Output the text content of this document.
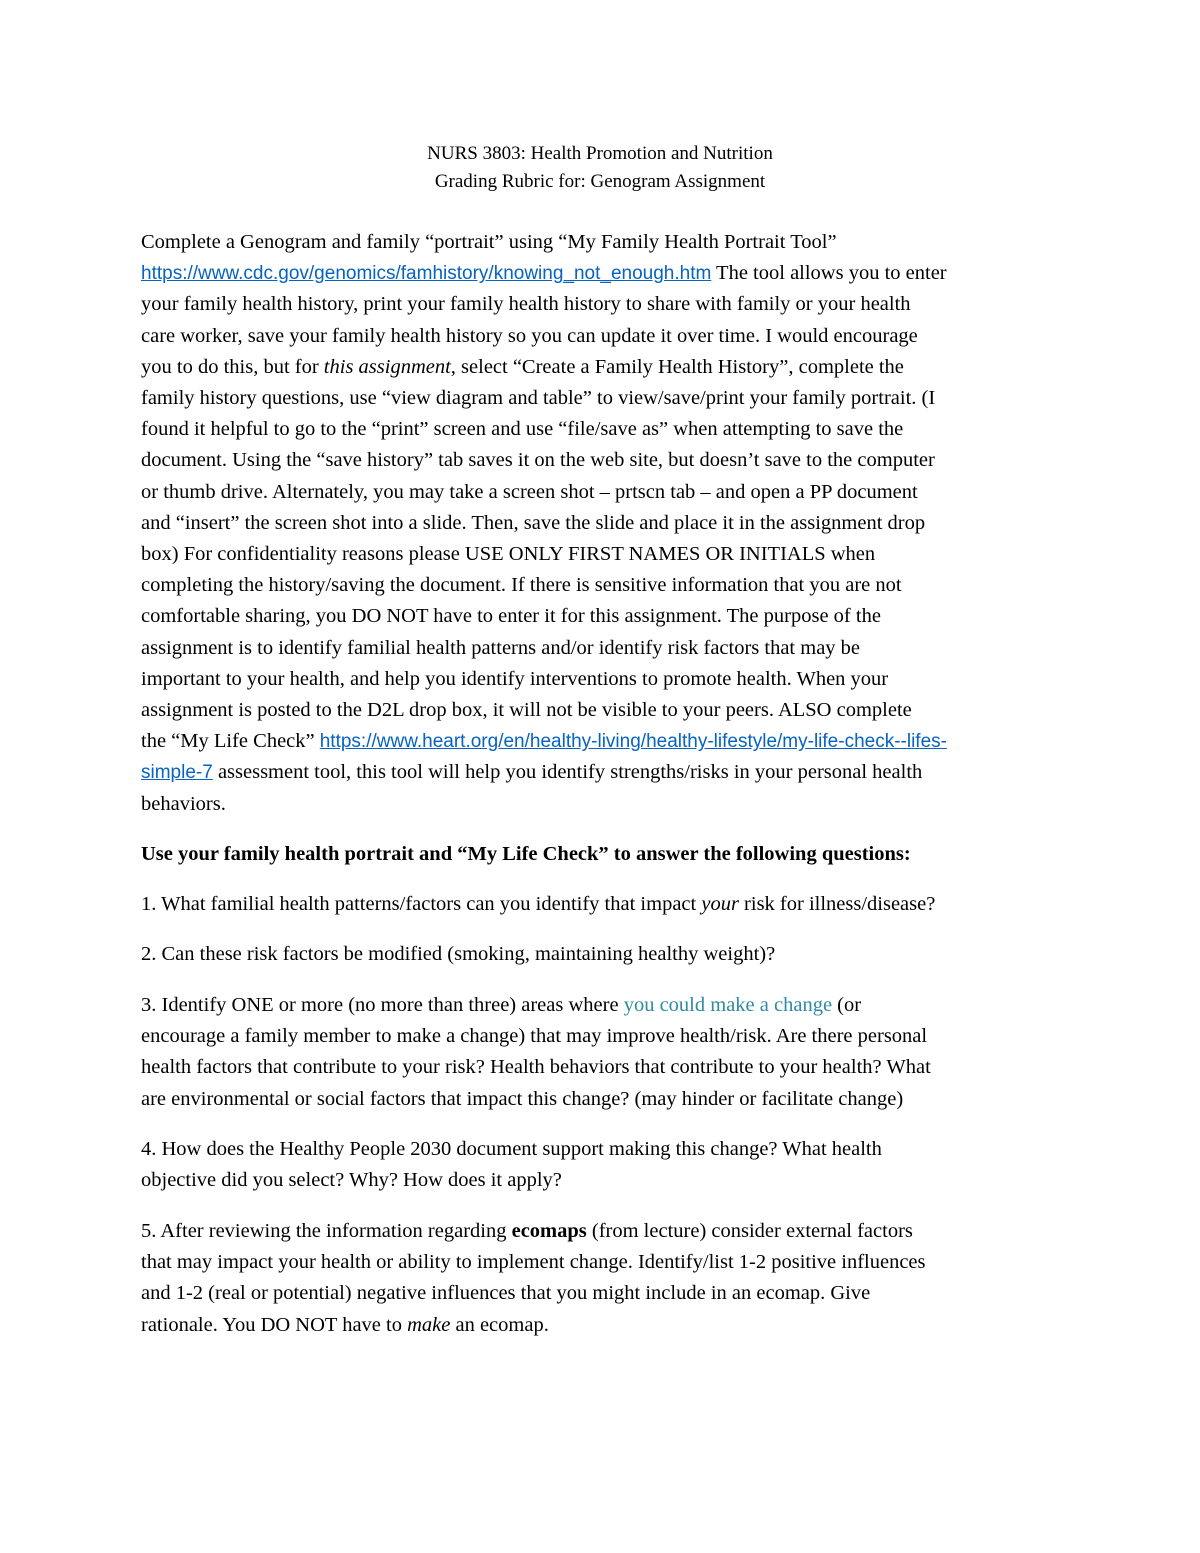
NURS 3803: Health Promotion and Nutrition
Grading Rubric for: Genogram Assignment
Complete a Genogram and family “portrait” using “My Family Health Portrait Tool”
https://www.cdc.gov/genomics/famhistory/knowing_not_enough.htm The tool allows you to enter
your family health history, print your family health history to share with family or your health
care worker, save your family health history so you can update it over time. I would encourage
you to do this, but for this assignment, select “Create a Family Health History”, complete the
family history questions, use “view diagram and table” to view/save/print your family portrait. (I
found it helpful to go to the “print” screen and use “file/save as” when attempting to save the
document. Using the “save history” tab saves it on the web site, but doesn’t save to the computer
or thumb drive. Alternately, you may take a screen shot – prtscn tab – and open a PP document
and “insert” the screen shot into a slide. Then, save the slide and place it in the assignment drop
box) For confidentiality reasons please USE ONLY FIRST NAMES OR INITIALS when
completing the history/saving the document. If there is sensitive information that you are not
comfortable sharing, you DO NOT have to enter it for this assignment. The purpose of the
assignment is to identify familial health patterns and/or identify risk factors that may be
important to your health, and help you identify interventions to promote health. When your
assignment is posted to the D2L drop box, it will not be visible to your peers. ALSO complete
the “My Life Check” https://www.heart.org/en/healthy-living/healthy-lifestyle/my-life-check--lifes-
simple-7 assessment tool, this tool will help you identify strengths/risks in your personal health
behaviors.
Use your family health portrait and “My Life Check” to answer the following questions:
1. What familial health patterns/factors can you identify that impact your risk for illness/disease?
2. Can these risk factors be modified (smoking, maintaining healthy weight)?
3. Identify ONE or more (no more than three) areas where you could make a change (or
encourage a family member to make a change) that may improve health/risk. Are there personal
health factors that contribute to your risk? Health behaviors that contribute to your health? What
are environmental or social factors that impact this change? (may hinder or facilitate change)
4. How does the Healthy People 2030 document support making this change? What health
objective did you select? Why? How does it apply?
5. After reviewing the information regarding ecomaps (from lecture) consider external factors
that may impact your health or ability to implement change. Identify/list 1-2 positive influences
and 1-2 (real or potential) negative influences that you might include in an ecomap. Give
rationale. You DO NOT have to make an ecomap.
